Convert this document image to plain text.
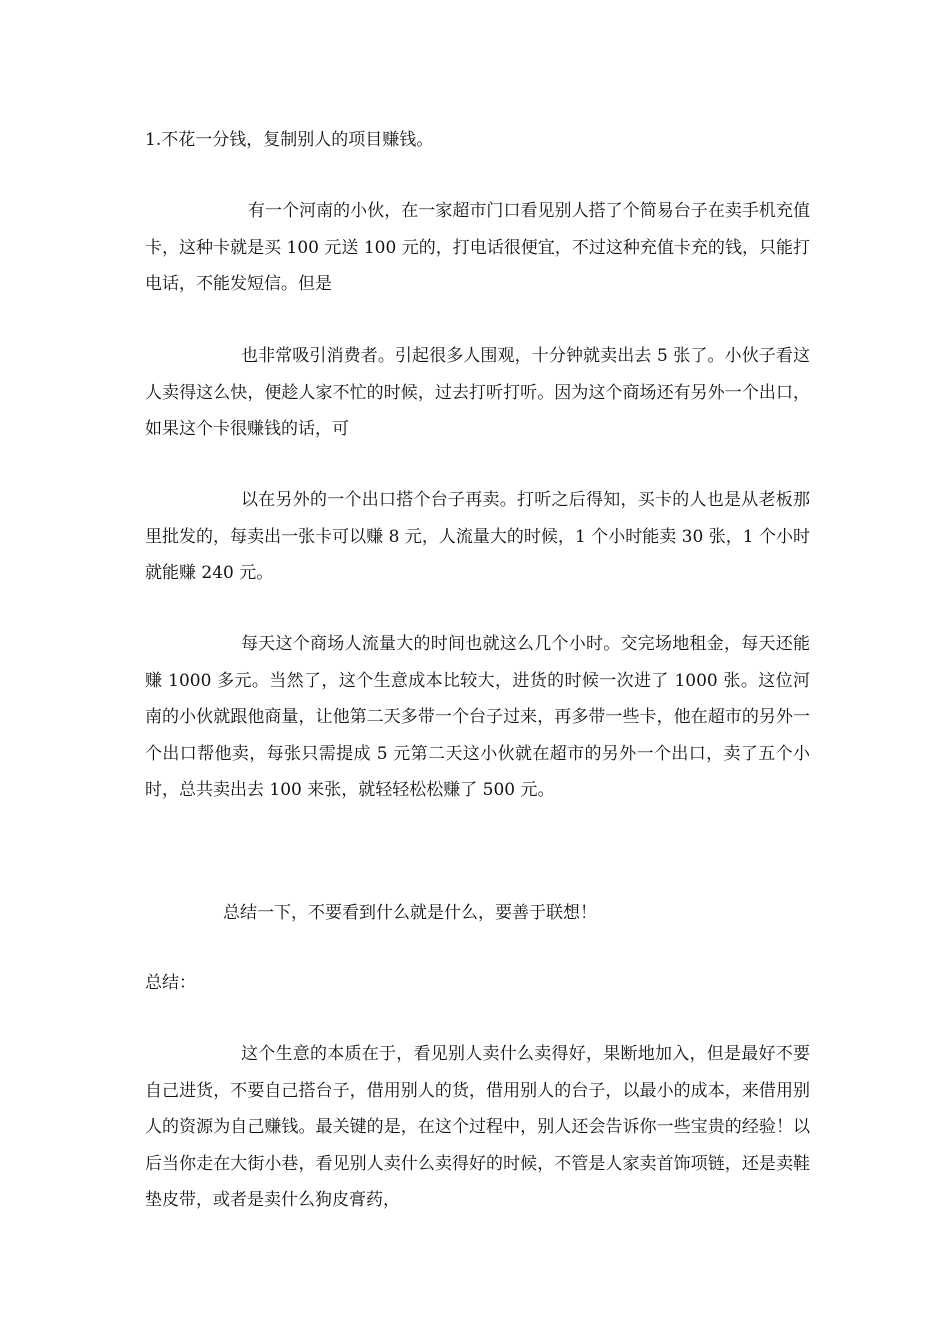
1.不花一分钱，复制别人的项目赚钱。

有一个河南的小伙，在一家超市门口看见别人搭了个简易台子在卖手机充值卡，这种卡就是买 100 元送 100 元的，打电话很便宜，不过这种充值卡充的钱，只能打电话，不能发短信。但是

也非常吸引消费者。引起很多人围观，十分钟就卖出去 5 张了。小伙子看这人卖得这么快，便趁人家不忙的时候，过去打听打听。因为这个商场还有另外一个出口，如果这个卡很赚钱的话，可

以在另外的一个出口搭个台子再卖。打听之后得知，买卡的人也是从老板那里批发的，每卖出一张卡可以赚 8 元，人流量大的时候，1 个小时能卖 30 张，1 个小时就能赚 240 元。

每天这个商场人流量大的时间也就这么几个小时。交完场地租金，每天还能赚 1000 多元。当然了，这个生意成本比较大，进货的时候一次进了 1000 张。这位河南的小伙就跟他商量，让他第二天多带一个台子过来，再多带一些卡，他在超市的另外一个出口帮他卖，每张只需提成 5 元第二天这小伙就在超市的另外一个出口，卖了五个小时，总共卖出去 100 来张，就轻轻松松赚了 500 元。

总结一下，不要看到什么就是什么，要善于联想！

总结：

这个生意的本质在于，看见别人卖什么卖得好，果断地加入，但是最好不要自己进货，不要自己搭台子，借用别人的货，借用别人的台子，以最小的成本，来借用别人的资源为自己赚钱。最关键的是，在这个过程中，别人还会告诉你一些宝贵的经验！以后当你走在大街小巷，看见别人卖什么卖得好的时候，不管是人家卖首饰项链，还是卖鞋垫皮带，或者是卖什么狗皮膏药，
